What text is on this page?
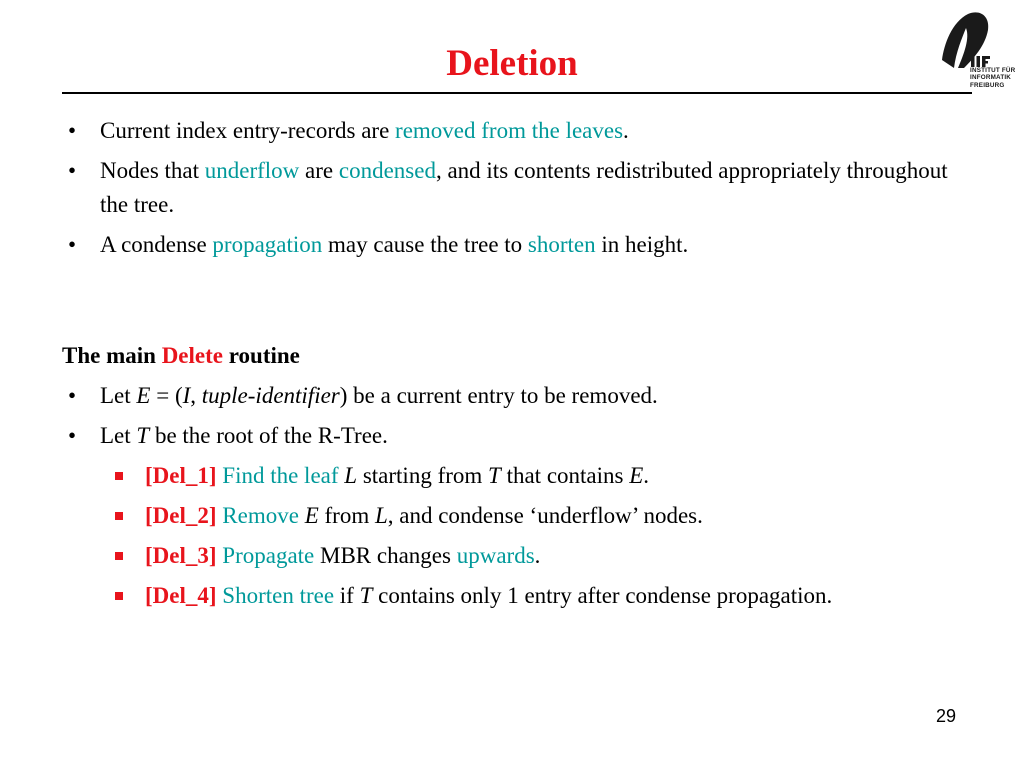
Deletion	INSTITUT FÜR
INFORMATIK
FREIBURG

• Current index entry-records are removed from the leaves.

• Nodes that underflow are condensed, and its contents redistributed appropriately throughout the tree.

• A condense propagation may cause the tree to shorten in height.

The main Delete routine

• Let E = (I, tuple-identifier) be a current entry to be removed.

• Let T be the root of the R-Tree.

[Del_1] Find the leaf L starting from T that contains E.

[Del_2] Remove E from L, and condense ‘underflow’ nodes.

[Del_3] Propagate MBR changes upwards.

[Del_4] Shorten tree if T contains only 1 entry after condense propagation.

29
